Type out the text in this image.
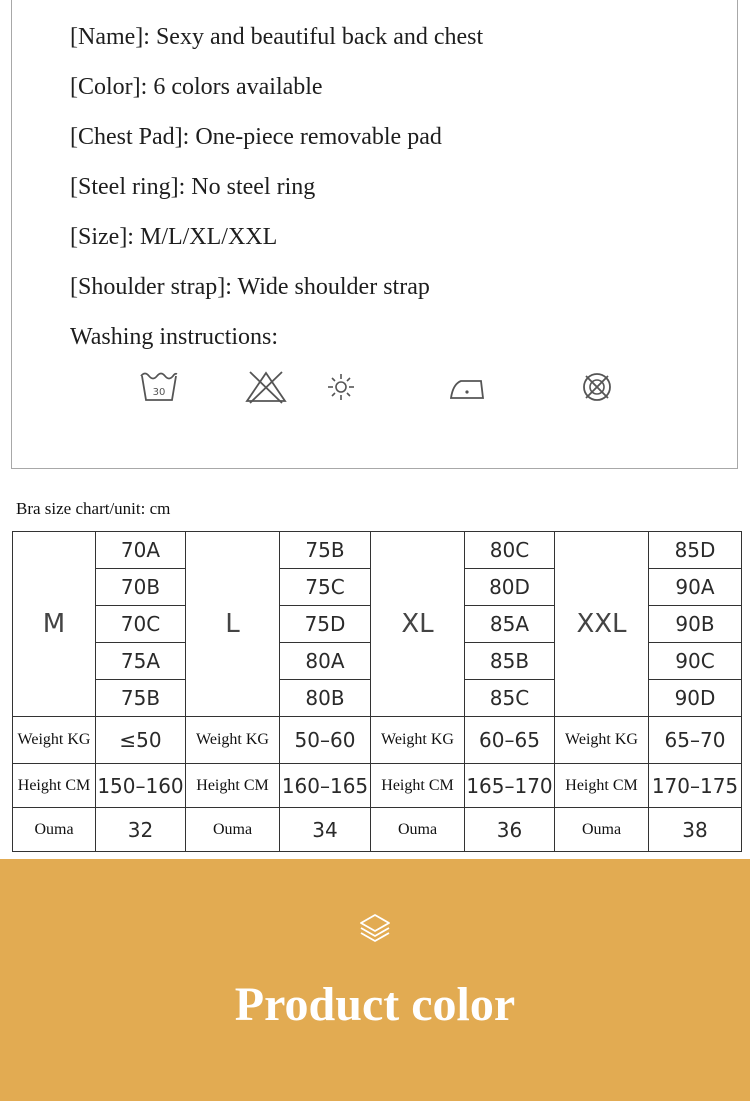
[Name]: Sexy and beautiful back and chest
[Color]: 6 colors available
[Chest Pad]: One-piece removable pad
[Steel ring]: No steel ring
[Size]: M/L/XL/XXL
[Shoulder strap]: Wide shoulder strap
Washing instructions:
30
Bra size chart/unit: cm
M	70A	L	75B	XL	80C	XXL	85D
	70B		75C		80D		90A
	70C		75D		85A		90B
	75A		80A		85B		90C
	75B		80B		85C		90D
Weight KG	≤50	Weight KG	50–60	Weight KG	60–65	Weight KG	65–70
Height CM	150–160	Height CM	160–165	Height CM	165–170	Height CM	170–175
Ouma	32	Ouma	34	Ouma	36	Ouma	38
Product color
